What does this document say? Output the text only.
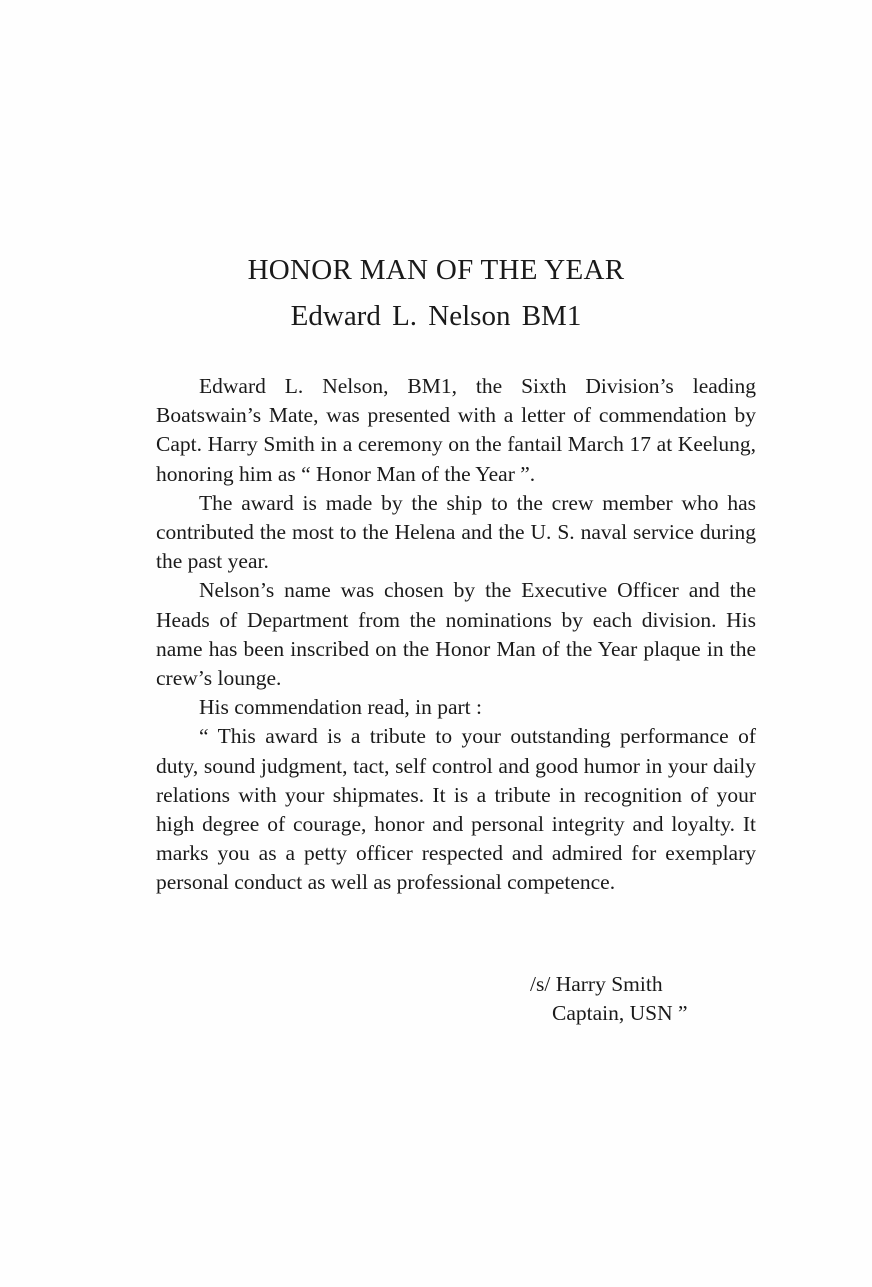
HONOR MAN OF THE YEAR
Edward L. Nelson BM1

Edward L. Nelson, BM1, the Sixth Division’s leading Boatswain’s Mate, was presented with a letter of commendation by Capt. Harry Smith in a ceremony on the fantail March 17 at Keelung, honoring him as “ Honor Man of the Year ”.

The award is made by the ship to the crew member who has contributed the most to the Helena and the U. S. naval service during the past year.

Nelson’s name was chosen by the Executive Officer and the Heads of Department from the nominations by each division. His name has been inscribed on the Honor Man of the Year plaque in the crew’s lounge.

His commendation read, in part :

“ This award is a tribute to your outstanding performance of duty, sound judgment, tact, self control and good humor in your daily relations with your shipmates. It is a tribute in recognition of your high degree of courage, honor and personal integrity and loyalty. It marks you as a petty officer respected and admired for exemplary personal conduct as well as professional competence.

/s/ Harry Smith
Captain, USN ”
